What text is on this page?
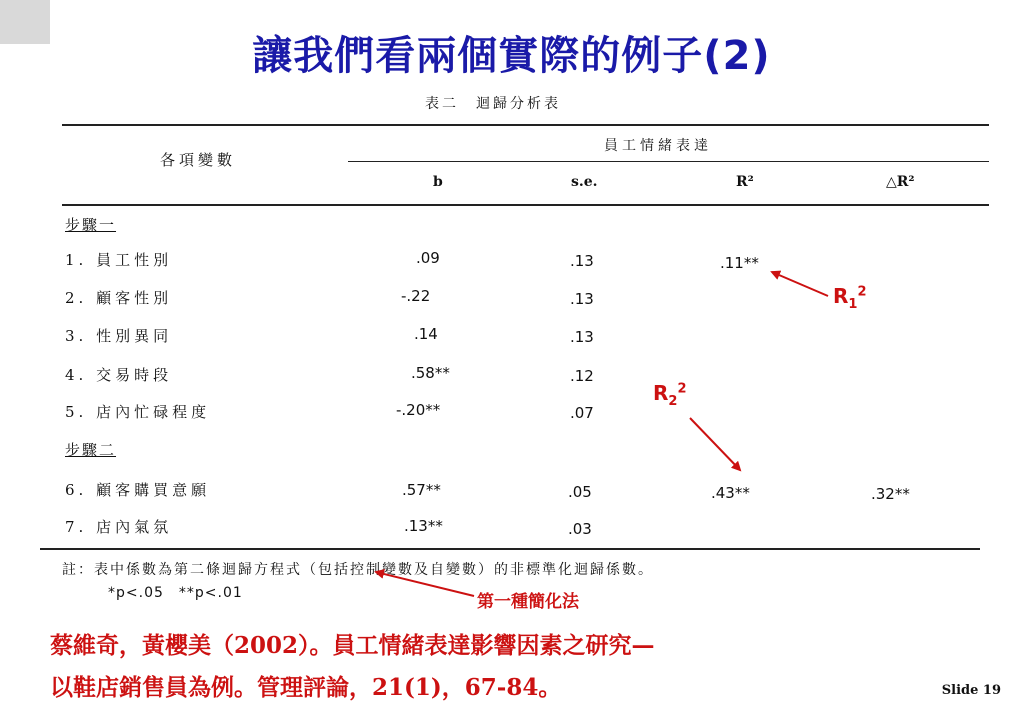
讓我們看兩個實際的例子(2)
表二　迴歸分析表
各項變數
員工情緒表達
b	s.e.	R²	△R²
步驟一
1. 員工性別	.09	.13	.11**
2. 顧客性別	-.22	.13
3. 性別異同	.14	.13
4. 交易時段	.58**	.12
5. 店內忙碌程度	-.20**	.07
步驟二
6. 顧客購買意願	.57**	.05	.43**	.32**
7. 店內氣氛	.13**	.03
註：表中係數為第二條迴歸方程式（包括控制變數及自變數）的非標準化迴歸係數。
*p<.05　**p<.01
$R_1^2$
$R_2^2$
第一種簡化法
蔡維奇，黃櫻美（2002）。員工情緒表達影響因素之研究—
以鞋店銷售員為例。管理評論，21(1)，67-84。	Slide 19
